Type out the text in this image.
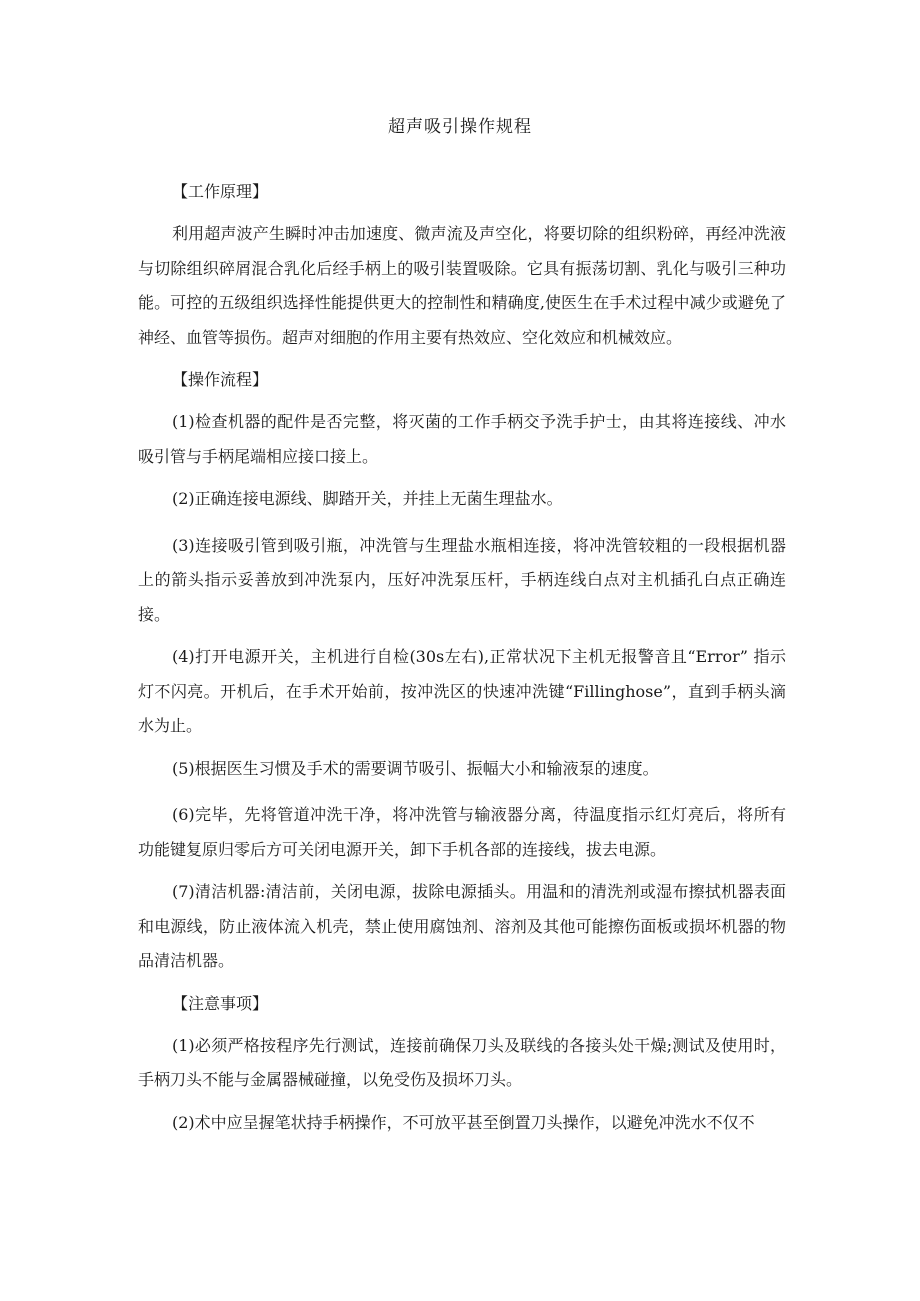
超声吸引操作规程
【工作原理】

利用超声波产生瞬时冲击加速度、微声流及声空化，将要切除的组织粉碎，再经冲洗液与切除组织碎屑混合乳化后经手柄上的吸引装置吸除。它具有振荡切割、乳化与吸引三种功能。可控的五级组织选择性能提供更大的控制性和精确度,使医生在手术过程中减少或避免了神经、血管等损伤。超声对细胞的作用主要有热效应、空化效应和机械效应。

【操作流程】

(1)检查机器的配件是否完整，将灭菌的工作手柄交予洗手护士，由其将连接线、冲水吸引管与手柄尾端相应接口接上。

(2)正确连接电源线、脚踏开关，并挂上无菌生理盐水。

(3)连接吸引管到吸引瓶，冲洗管与生理盐水瓶相连接，将冲洗管较粗的一段根据机器上的箭头指示妥善放到冲洗泵内，压好冲洗泵压杆，手柄连线白点对主机插孔白点正确连接。

(4)打开电源开关，主机进行自检(30s左右),正常状况下主机无报警音且“Error” 指示灯不闪亮。开机后，在手术开始前，按冲洗区的快速冲洗键“Fillinghose”，直到手柄头滴水为止。

(5)根据医生习惯及手术的需要调节吸引、振幅大小和输液泵的速度。

(6)完毕，先将管道冲洗干净，将冲洗管与输液器分离，待温度指示红灯亮后，将所有功能键复原归零后方可关闭电源开关，卸下手机各部的连接线，拔去电源。

(7)清洁机器:清洁前，关闭电源，拔除电源插头。用温和的清洗剂或湿布擦拭机器表面和电源线，防止液体流入机壳，禁止使用腐蚀剂、溶剂及其他可能擦伤面板或损坏机器的物品清洁机器。

【注意事项】

(1)必须严格按程序先行测试，连接前确保刀头及联线的各接头处干燥;测试及使用时，手柄刀头不能与金属器械碰撞，以免受伤及损坏刀头。

(2)术中应呈握笔状持手柄操作，不可放平甚至倒置刀头操作，以避免冲洗水不仅不
